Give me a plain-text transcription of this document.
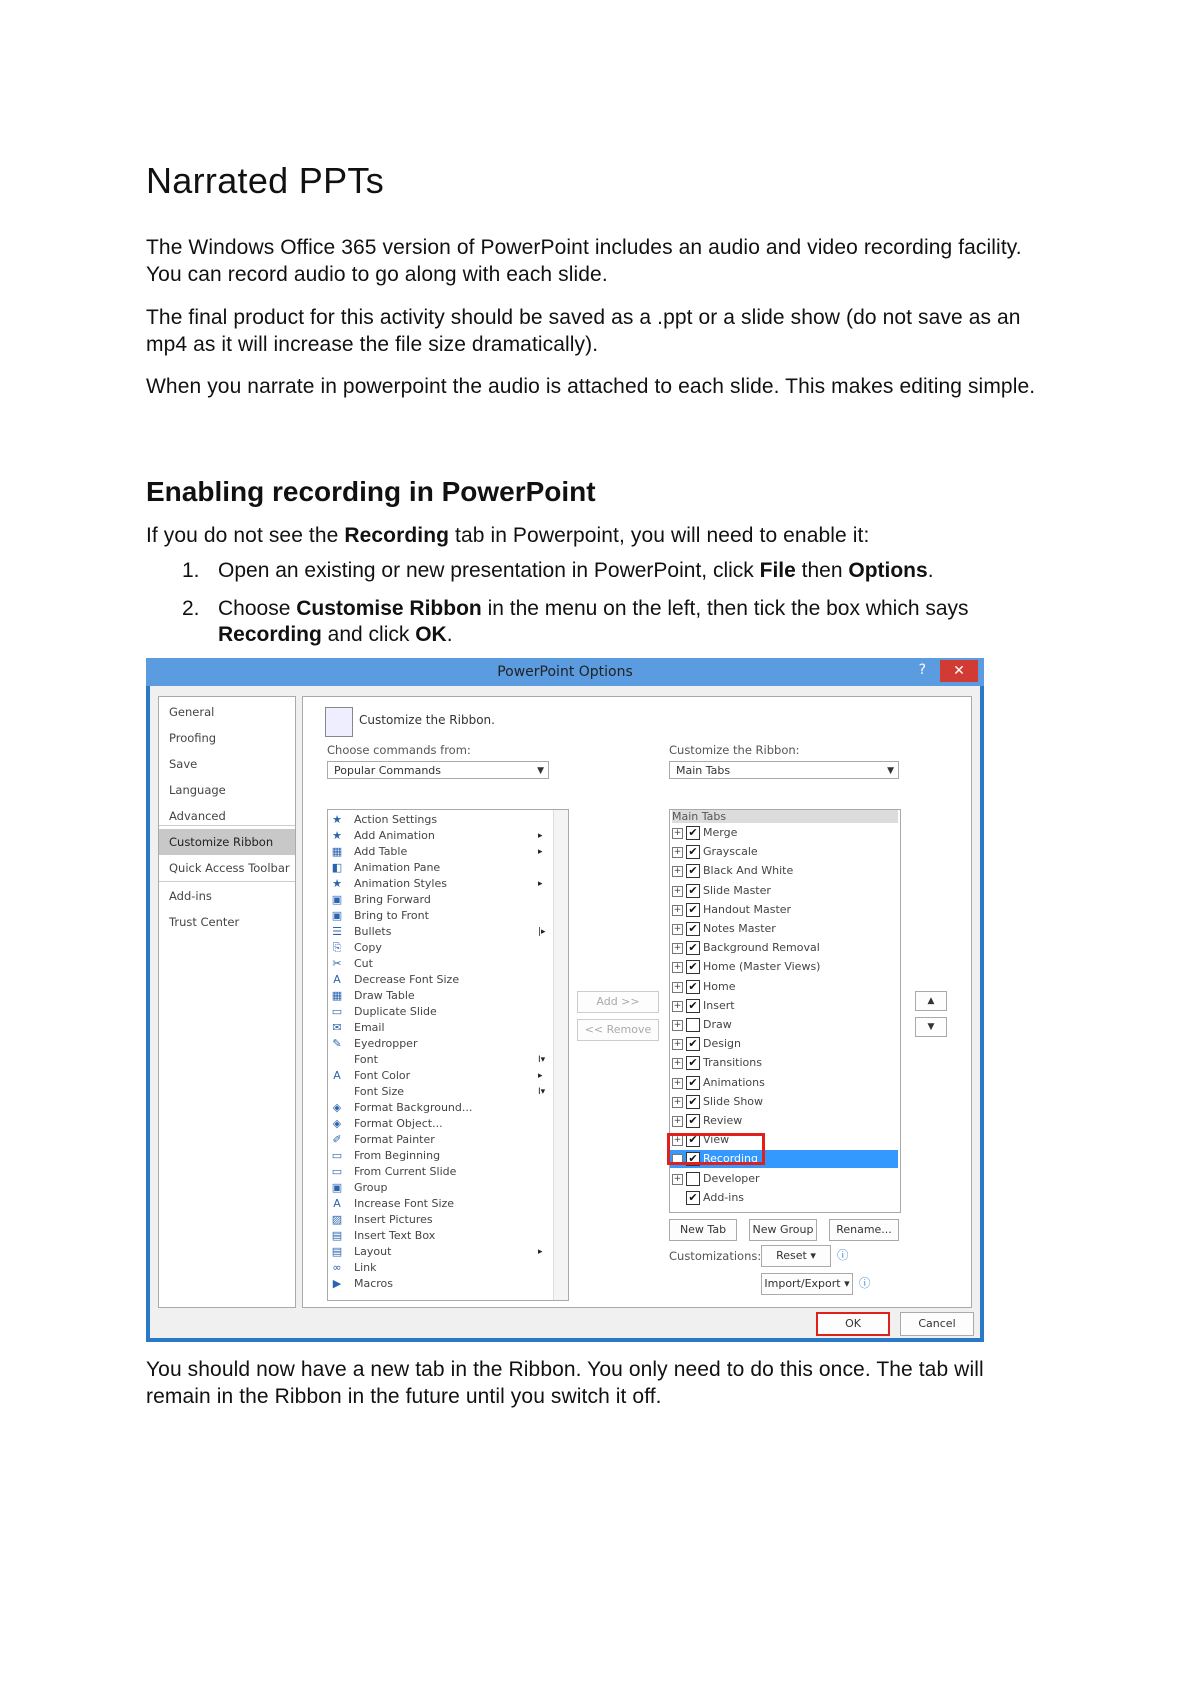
Narrated PPTs

The Windows Office 365 version of PowerPoint includes an audio and video recording facility. You can record audio to go along with each slide.

The final product for this activity should be saved as a .ppt or a slide show (do not save as an mp4 as it will increase the file size dramatically).

When you narrate in powerpoint the audio is attached to each slide. This makes editing simple.

Enabling recording in PowerPoint

If you do not see the Recording tab in Powerpoint, you will need to enable it:

1. Open an existing or new presentation in PowerPoint, click File then Options.
2. Choose Customise Ribbon in the menu on the left, then tick the box which says Recording and click OK.

You should now have a new tab in the Ribbon. You only need to do this once. The tab will remain in the Ribbon in the future until you switch it off.

PowerPoint Options	?	✕
General
Proofing
Save
Language
Advanced
Customize Ribbon
Quick Access Toolbar
Add-ins
Trust Center
Customize the Ribbon.
Choose commands from:
Popular Commands	▼
Customize the Ribbon:
Main Tabs	▼
★ Action Settings
★ Add Animation	▸
▦ Add Table	▸
◧ Animation Pane
★ Animation Styles	▸
▣ Bring Forward
▣ Bring to Front
☰ Bullets	|▸
⎘ Copy
✂ Cut
A Decrease Font Size
▦ Draw Table
▭ Duplicate Slide
✉ Email
✎ Eyedropper
Font	I▾
A Font Color	▸
Font Size	I▾
◈ Format Background...
◈ Format Object...
✐ Format Painter
▭ From Beginning
▭ From Current Slide
▣ Group
A Increase Font Size
▨ Insert Pictures
▤ Insert Text Box
▤ Layout	▸
∞ Link
▶ Macros
Add >>
<< Remove
Main Tabs
+ ✔ Merge
+ ✔ Grayscale
+ ✔ Black And White
+ ✔ Slide Master
+ ✔ Handout Master
+ ✔ Notes Master
+ ✔ Background Removal
+ ✔ Home (Master Views)
+ ✔ Home
+ ✔ Insert
+ Draw
+ ✔ Design
+ ✔ Transitions
+ ✔ Animations
+ ✔ Slide Show
+ ✔ Review
+ ✔ View
+ ✔ Recording
+ Developer
✔ Add-ins
▲
▼
New Tab	New Group	Rename...
Customizations:	Reset ▾	ⓘ
Import/Export ▾ ⓘ
OK	Cancel
